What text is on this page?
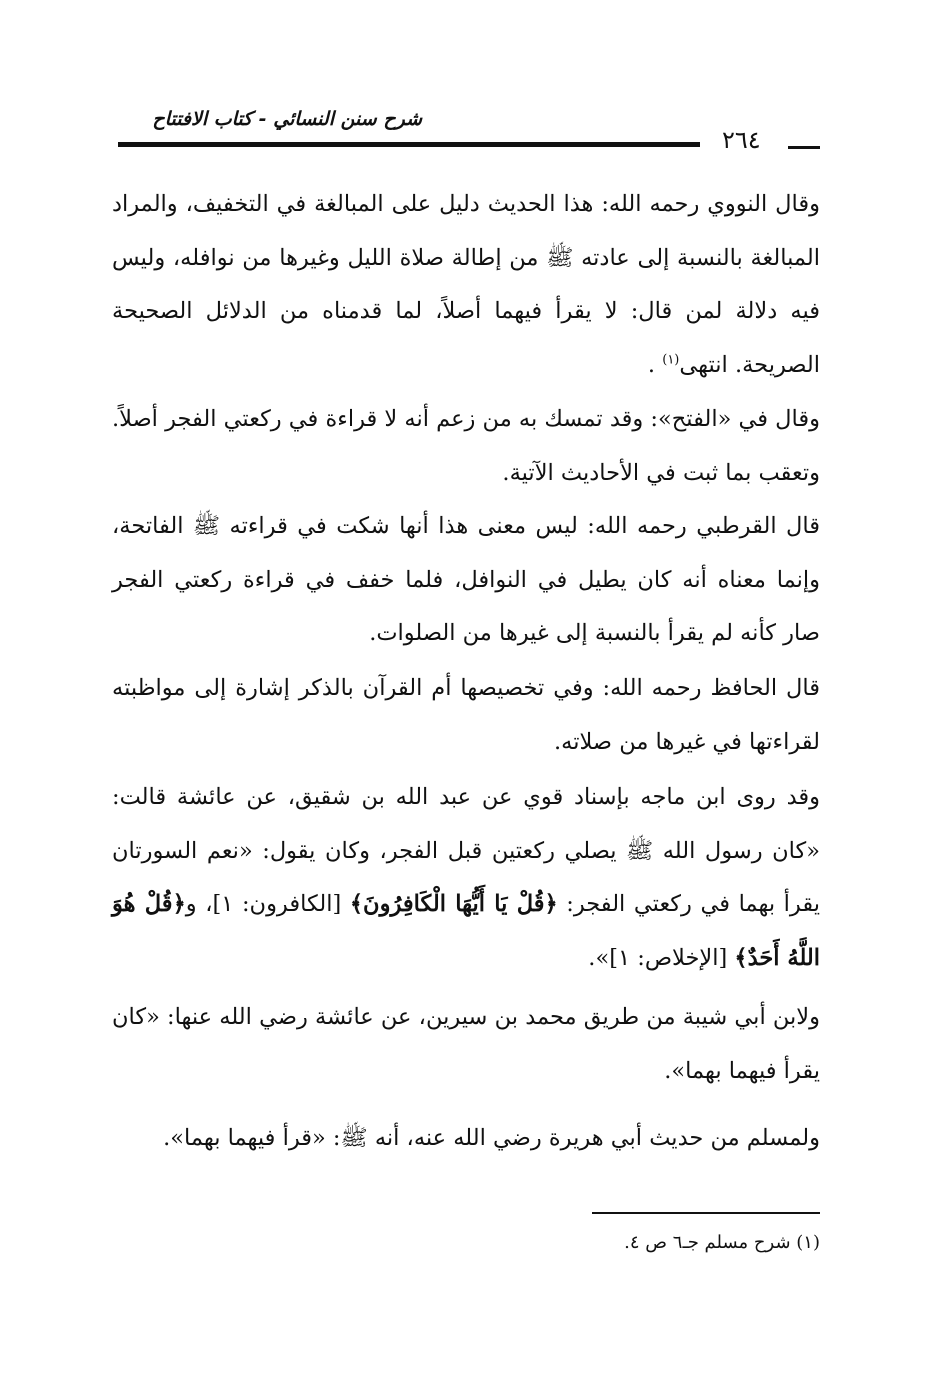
شرح سنن النسائي - كتاب الافتتاح
٢٦٤

وقال النووي رحمه الله: هذا الحديث دليل على المبالغة في التخفيف، والمراد المبالغة بالنسبة إلى عادته ﷺ من إطالة صلاة الليل وغيرها من نوافله، وليس فيه دلالة لمن قال: لا يقرأ فيهما أصلاً، لما قدمناه من الدلائل الصحيحة الصريحة. انتهى$^{(١)}$ .

وقال في «الفتح»: وقد تمسك به من زعم أنه لا قراءة في ركعتي الفجر أصلاً. وتعقب بما ثبت في الأحاديث الآتية.

قال القرطبي رحمه الله: ليس معنى هذا أنها شكت في قراءته ﷺ الفاتحة، وإنما معناه أنه كان يطيل في النوافل، فلما خفف في قراءة ركعتي الفجر صار كأنه لم يقرأ بالنسبة إلى غيرها من الصلوات.

قال الحافظ رحمه الله: وفي تخصيصها أم القرآن بالذكر إشارة إلى مواظبته لقراءتها في غيرها من صلاته.

وقد روى ابن ماجه بإسناد قوي عن عبد الله بن شقيق، عن عائشة قالت: «كان رسول الله ﷺ يصلي ركعتين قبل الفجر، وكان يقول: «نعم السورتان يقرأ بهما في ركعتي الفجر: ﴿قُلْ يَا أَيُّهَا الْكَافِرُونَ﴾ [الكافرون: ١]، و﴿قُلْ هُوَ اللَّهُ أَحَدٌ﴾ [الإخلاص: ١]».

ولابن أبي شيبة من طريق محمد بن سيرين، عن عائشة رضي الله عنها: «كان يقرأ فيهما بهما».

ولمسلم من حديث أبي هريرة رضي الله عنه، أنه ﷺ: «قرأ فيهما بهما».

(١) شرح مسلم جـ٦ ص ٤.
